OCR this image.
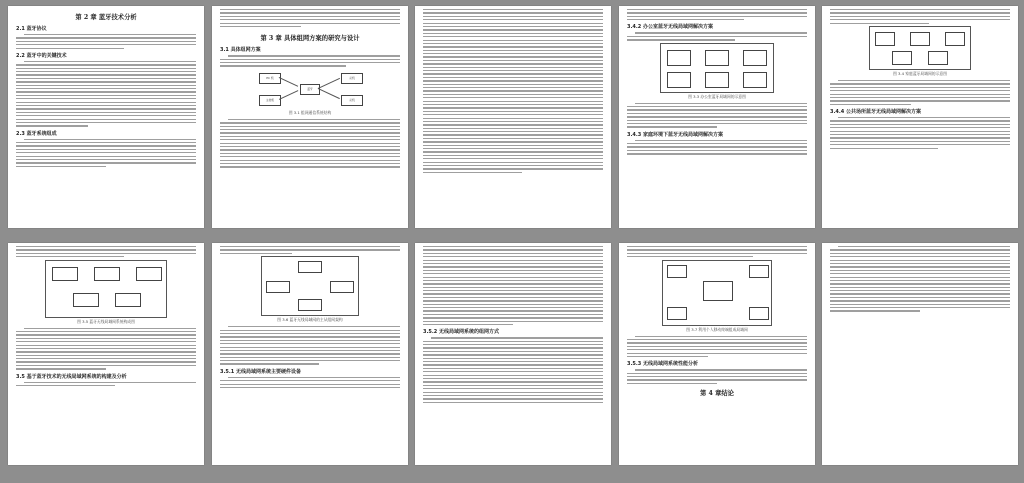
第 2 章 蓝牙技术分析
2.1 蓝牙协议
2.2 蓝牙中的关键技术
2.3 蓝牙系统组成
第 3 章 具体组网方案的研究与设计
3.1 具体组网方案
PC 机
主控机
蓝牙
从机
从机
图 3.1 组网通信系统结构
3.4.2 办公室蓝牙无线局域网解决方案
图 3.3 办公室蓝牙局域网的示意图
3.4.3 家庭环境下蓝牙无线局域网解决方案
图 3.4 家庭蓝牙局域网的示意图
3.4.4 公共场所蓝牙无线局域网解决方案
图 3.5 蓝牙无线局域网系统构成图
3.5 基于蓝牙技术的无线局域网系统的构建及分析
图 3.6 蓝牙无线局域网的主从组网架构
3.5.1 无线局域网系统主要硬件设备
3.5.2 无线局域网系统的组网方式
图 3.7 利用个人移动终端组成局域网
3.5.3 无线局域网系统性能分析
第 4 章结论
